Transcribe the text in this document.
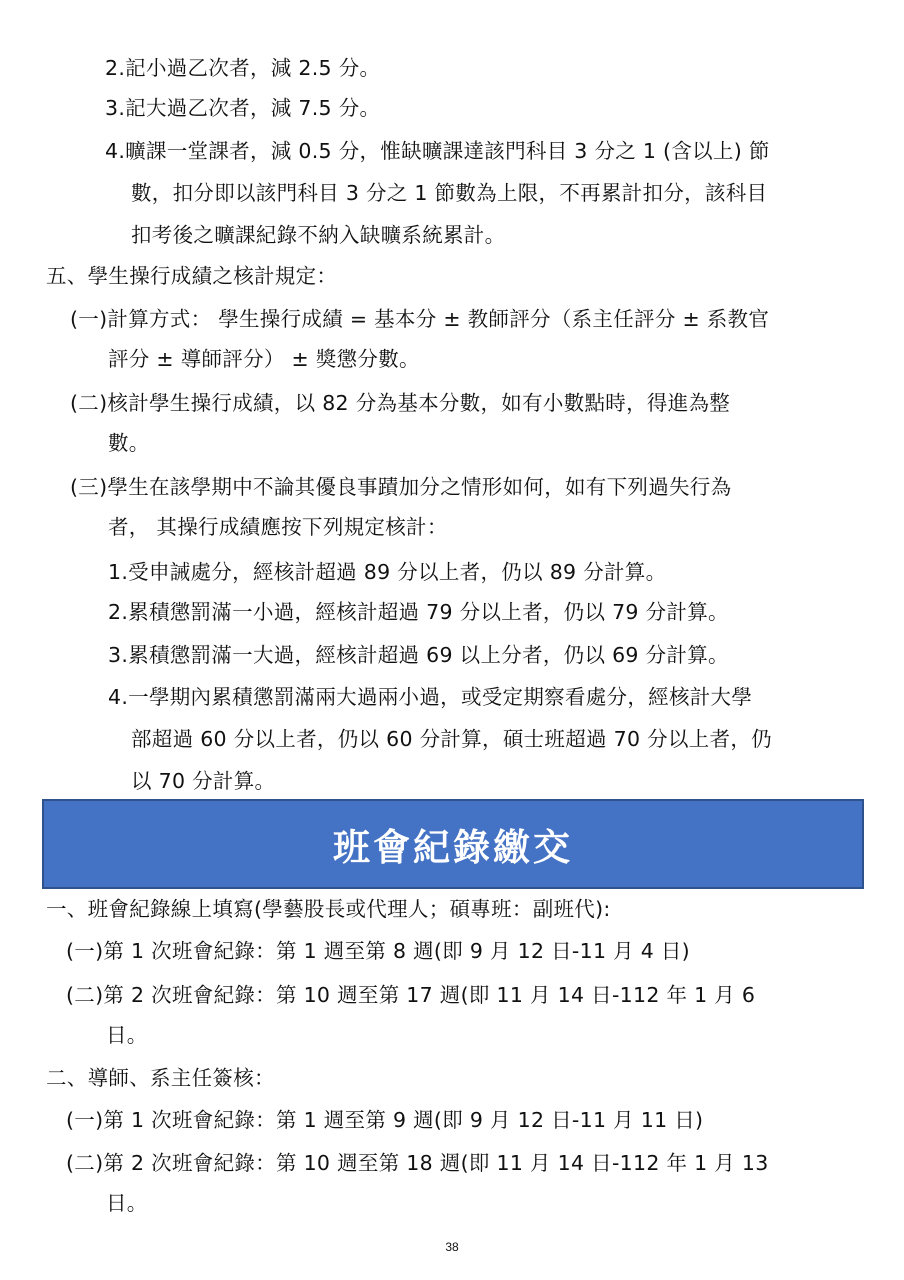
2.記小過乙次者，減 2.5 分。
3.記大過乙次者，減 7.5 分。
4.曠課一堂課者，減 0.5 分，惟缺曠課達該門科目 3 分之 1 (含以上) 節
數，扣分即以該門科目 3 分之 1 節數為上限，不再累計扣分，該科目
扣考後之曠課紀錄不納入缺曠系統累計。
五、學生操行成績之核計規定：
(一)計算方式： 學生操行成績 = 基本分 ± 教師評分（系主任評分 ± 系教官
評分 ± 導師評分） ± 獎懲分數。
(二)核計學生操行成績，以 82 分為基本分數，如有小數點時，得進為整
數。
(三)學生在該學期中不論其優良事蹟加分之情形如何，如有下列過失行為
者， 其操行成績應按下列規定核計：
1.受申誡處分，經核計超過 89 分以上者，仍以 89 分計算。
2.累積懲罰滿一小過，經核計超過 79 分以上者，仍以 79 分計算。
3.累積懲罰滿一大過，經核計超過 69 以上分者，仍以 69 分計算。
4.一學期內累積懲罰滿兩大過兩小過，或受定期察看處分，經核計大學
部超過 60 分以上者，仍以 60 分計算，碩士班超過 70 分以上者，仍
以 70 分計算。
班會紀錄繳交
一、班會紀錄線上填寫(學藝股長或代理人；碩專班：副班代):
(一)第 1 次班會紀錄：第 1 週至第 8 週(即 9 月 12 日-11 月 4 日)
(二)第 2 次班會紀錄：第 10 週至第 17 週(即 11 月 14 日-112 年 1 月 6
日。
二、導師、系主任簽核：
(一)第 1 次班會紀錄：第 1 週至第 9 週(即 9 月 12 日-11 月 11 日)
(二)第 2 次班會紀錄：第 10 週至第 18 週(即 11 月 14 日-112 年 1 月 13
日。
38
